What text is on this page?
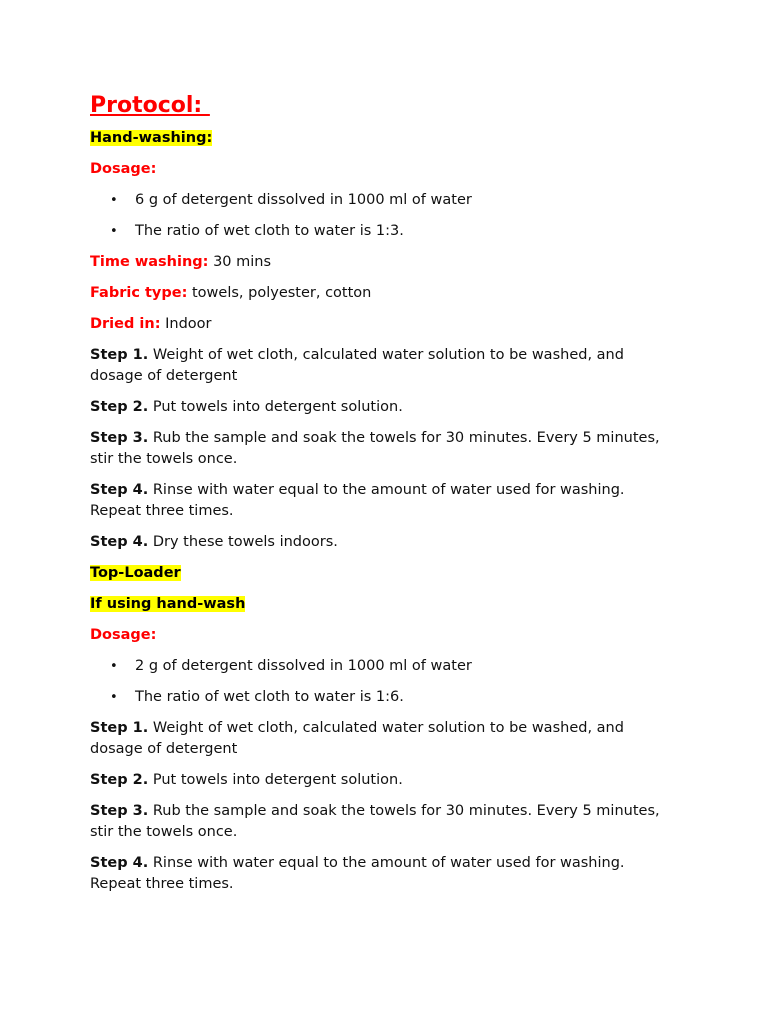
Protocol:

Hand-washing:

Dosage:

• 6 g of detergent dissolved in 1000 ml of water

• The ratio of wet cloth to water is 1:3.

Time washing: 30 mins

Fabric type: towels, polyester, cotton

Dried in: Indoor

Step 1. Weight of wet cloth, calculated water solution to be washed, and dosage of detergent

Step 2. Put towels into detergent solution.

Step 3. Rub the sample and soak the towels for 30 minutes. Every 5 minutes, stir the towels once.

Step 4. Rinse with water equal to the amount of water used for washing. Repeat three times.

Step 4. Dry these towels indoors.

Top-Loader

If using hand-wash

Dosage:

• 2 g of detergent dissolved in 1000 ml of water

• The ratio of wet cloth to water is 1:6.

Step 1. Weight of wet cloth, calculated water solution to be washed, and dosage of detergent

Step 2. Put towels into detergent solution.

Step 3. Rub the sample and soak the towels for 30 minutes. Every 5 minutes, stir the towels once.

Step 4. Rinse with water equal to the amount of water used for washing. Repeat three times.
